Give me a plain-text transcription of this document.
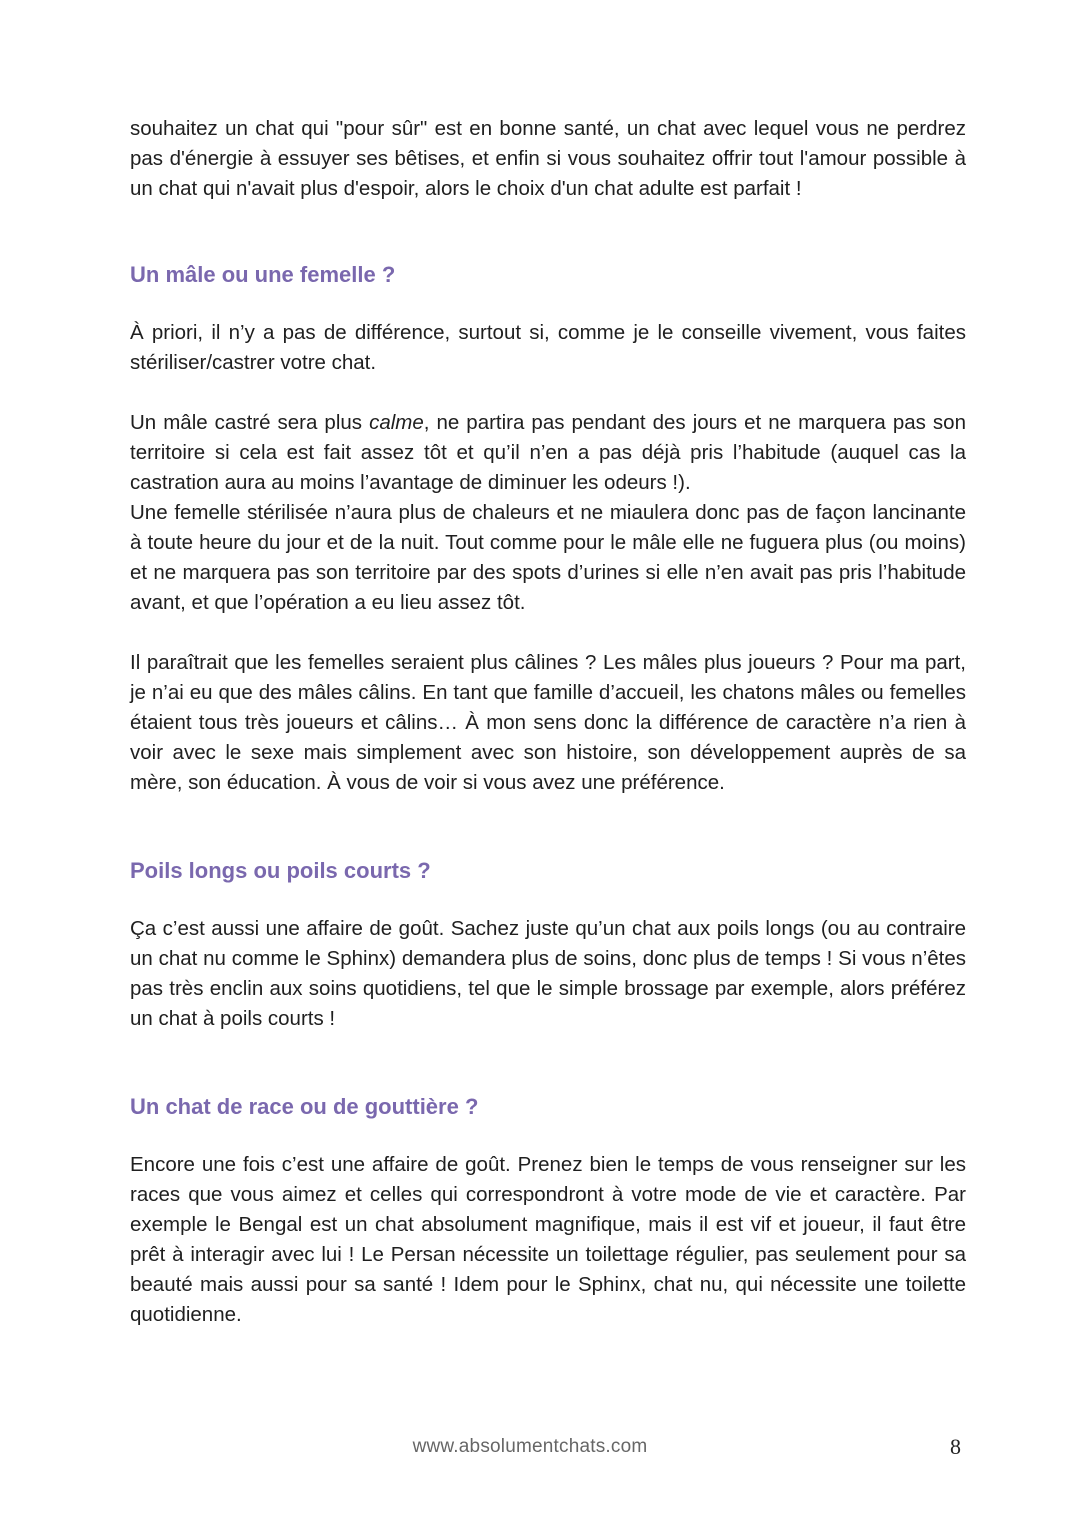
souhaitez un chat qui "pour sûr" est en bonne santé, un chat avec lequel vous ne perdrez pas d'énergie à essuyer ses bêtises, et enfin si vous souhaitez offrir tout l'amour possible à un chat qui n'avait plus d'espoir, alors le choix d'un chat adulte est parfait !

Un mâle ou une femelle ?

À priori, il n’y a pas de différence, surtout si, comme je le conseille vivement, vous faites stériliser/castrer votre chat.

Un mâle castré sera plus calme, ne partira pas pendant des jours et ne marquera pas son territoire si cela est fait assez tôt et qu’il n’en a pas déjà pris l’habitude (auquel cas la castration aura au moins l’avantage de diminuer les odeurs !).

Une femelle stérilisée n’aura plus de chaleurs et ne miaulera donc pas de façon lancinante à toute heure du jour et de la nuit. Tout comme pour le mâle elle ne fuguera plus (ou moins) et ne marquera pas son territoire par des spots d’urines si elle n’en avait pas pris l’habitude avant, et que l’opération a eu lieu assez tôt.

Il paraîtrait que les femelles seraient plus câlines ? Les mâles plus joueurs ? Pour ma part, je n’ai eu que des mâles câlins. En tant que famille d’accueil, les chatons mâles ou femelles étaient tous très joueurs et câlins… À mon sens donc la différence de caractère n’a rien à voir avec le sexe mais simplement avec son histoire, son développement auprès de sa mère, son éducation. À vous de voir si vous avez une préférence.

Poils longs ou poils courts ?

Ça c’est aussi une affaire de goût. Sachez juste qu’un chat aux poils longs (ou au contraire un chat nu comme le Sphinx) demandera plus de soins, donc plus de temps ! Si vous n’êtes pas très enclin aux soins quotidiens, tel que le simple brossage par exemple, alors préférez un chat à poils courts !

Un chat de race ou de gouttière ?

Encore une fois c’est une affaire de goût. Prenez bien le temps de vous renseigner sur les races que vous aimez et celles qui correspondront à votre mode de vie et caractère. Par exemple le Bengal est un chat absolument magnifique, mais il est vif et joueur, il faut être prêt à interagir avec lui ! Le Persan nécessite un toilettage régulier, pas seulement pour sa beauté mais aussi pour sa santé ! Idem pour le Sphinx, chat nu, qui nécessite une toilette quotidienne.

www.absolumentchats.com	8
